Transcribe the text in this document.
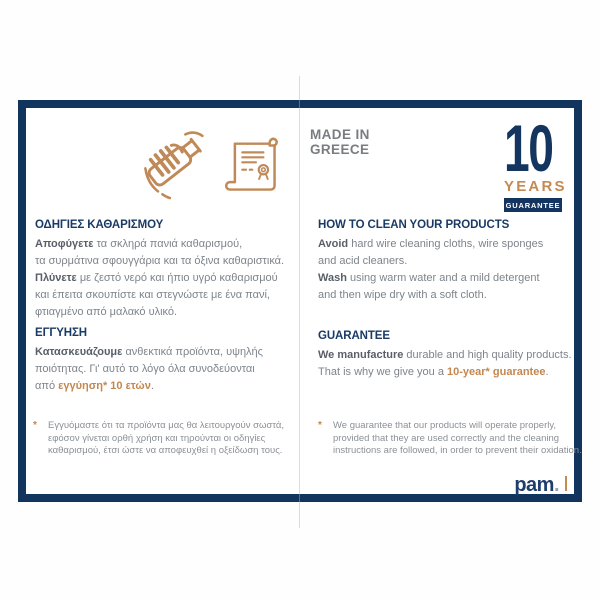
MADE IN
GREECE 10
YEARS
GUARANTEE
ΟΔΗΓΙΕΣ ΚΑΘΑΡΙΣΜΟΥ
Αποφύγετε τα σκληρά πανιά καθαρισμού,
τα συρμάτινα σφουγγάρια και τα όξινα καθαριστικά.
Πλύνετε με ζεστό νερό και ήπιο υγρό καθαρισμού
και έπειτα σκουπίστε και στεγνώστε με ένα πανί,
φτιαγμένο από μαλακό υλικό.
HOW TO CLEAN YOUR PRODUCTS
Avoid hard wire cleaning cloths, wire sponges
and acid cleaners.
Wash using warm water and a mild detergent
and then wipe dry with a soft cloth.
ΕΓΓΥΗΣΗ
Κατασκευάζουμε ανθεκτικά προϊόντα, υψηλής
ποιότητας. Γι' αυτό το λόγο όλα συνοδεύονται
από εγγύηση* 10 ετών.
GUARANTEE
We manufacture durable and high quality products.
That is why we give you a 10-year* guarantee.
* Εγγυόμαστε ότι τα προϊόντα μας θα λειτουργούν σωστά,
εφόσον γίνεται ορθή χρήση και τηρούνται οι οδηγίες
καθαρισμού, έτσι ώστε να αποφευχθεί η οξείδωση τους.
* We guarantee that our products will operate properly,
provided that they are used correctly and the cleaning
instructions are followed, in order to prevent their oxidation.
pam.
